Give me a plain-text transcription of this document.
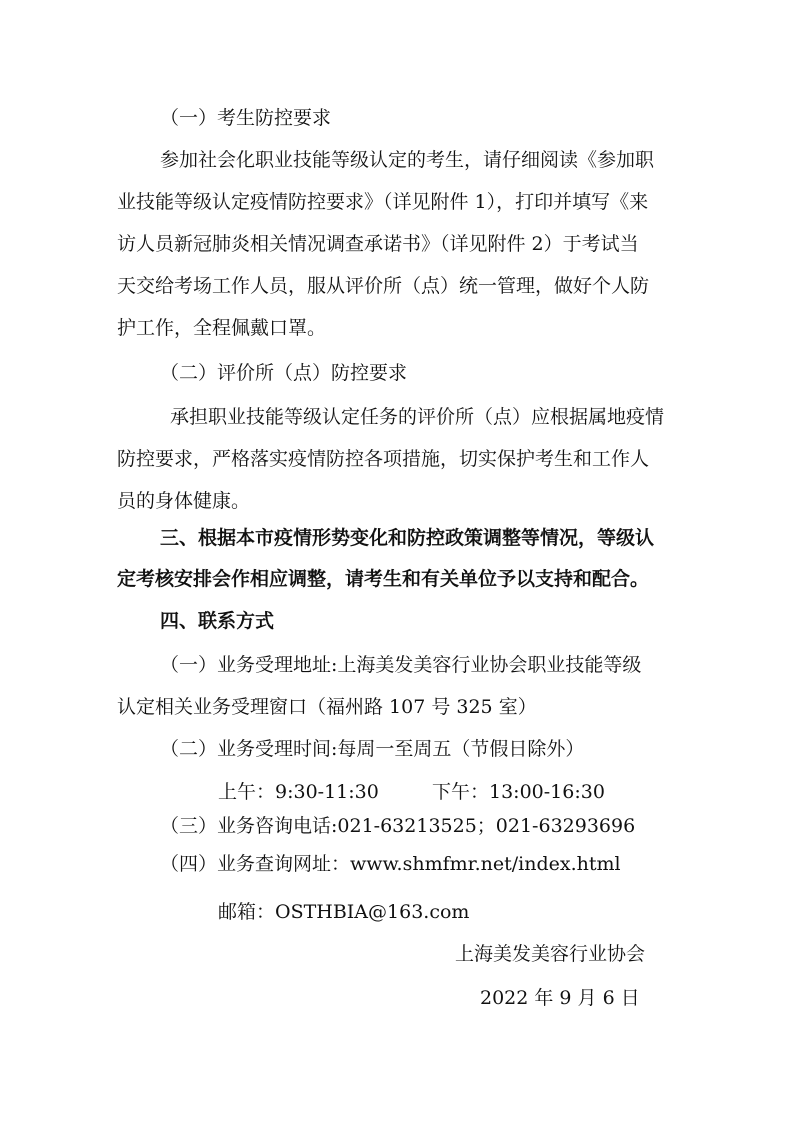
（一）考生防控要求
参加社会化职业技能等级认定的考生，请仔细阅读《参加职
业技能等级认定疫情防控要求》（详见附件 1），打印并填写《来
访人员新冠肺炎相关情况调查承诺书》（详见附件 2）于考试当
天交给考场工作人员，服从评价所（点）统一管理，做好个人防
护工作，全程佩戴口罩。
（二）评价所（点）防控要求
承担职业技能等级认定任务的评价所（点）应根据属地疫情
防控要求，严格落实疫情防控各项措施，切实保护考生和工作人
员的身体健康。
三、根据本市疫情形势变化和防控政策调整等情况，等级认
定考核安排会作相应调整，请考生和有关单位予以支持和配合。
四、联系方式
（一）业务受理地址:上海美发美容行业协会职业技能等级
认定相关业务受理窗口（福州路 107 号 325 室）
（二）业务受理时间:每周一至周五（节假日除外）
上午：9:30-11:30	下午：13:00-16:30
（三）业务咨询电话:021-63213525；021-63293696
（四）业务查询网址：www.shmfmr.net/index.html
邮箱：OSTHBIA@163.com
上海美发美容行业协会
2022 年 9 月 6 日
